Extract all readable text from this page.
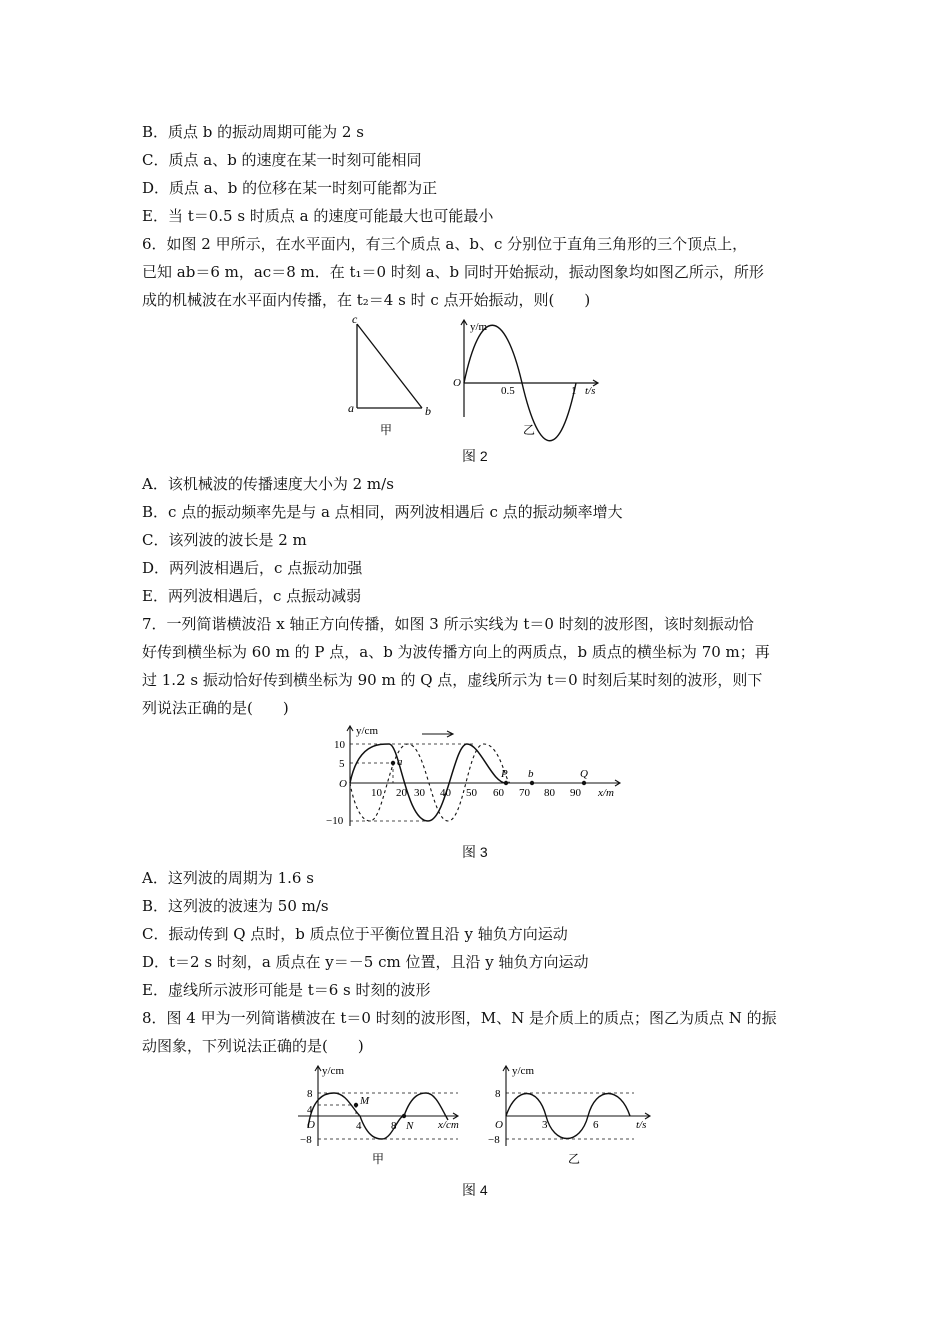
B．质点 b 的振动周期可能为 2 s
C．质点 a、b 的速度在某一时刻可能相同
D．质点 a、b 的位移在某一时刻可能都为正
E．当 t＝0.5 s 时质点 a 的速度可能最大也可能最小
6．如图 2 甲所示，在水平面内，有三个质点 a、b、c 分别位于直角三角形的三个顶点上，
已知 ab＝6 m，ac＝8 m．在 t₁＝0 时刻 a、b 同时开始振动，振动图象均如图乙所示，所形
成的机械波在水平面内传播，在 t₂＝4 s 时 c 点开始振动，则(　　)
c
a	b
甲
y/m
O
0.5	1 t/s
乙
图 2
A．该机械波的传播速度大小为 2 m/s
B．c 点的振动频率先是与 a 点相同，两列波相遇后 c 点的振动频率增大
C．该列波的波长是 2 m
D．两列波相遇后，c 点振动加强
E．两列波相遇后，c 点振动减弱
7．一列简谐横波沿 x 轴正方向传播，如图 3 所示实线为 t＝0 时刻的波形图，该时刻振动恰
好传到横坐标为 60 m 的 P 点，a、b 为波传播方向上的两质点，b 质点的横坐标为 70 m；再
过 1.2 s 振动恰好传到横坐标为 90 m 的 Q 点，虚线所示为 t＝0 时刻后某时刻的波形，则下
列说法正确的是(　　)
y/cm
10
5
−10
O
a
P b	Q
10 20 30 40 50 60 70 80 90 x/m
图 3
A．这列波的周期为 1.6 s
B．这列波的波速为 50 m/s
C．振动传到 Q 点时，b 质点位于平衡位置且沿 y 轴负方向运动
D．t＝2 s 时刻，a 质点在 y＝－5 cm 位置，且沿 y 轴负方向运动
E．虚线所示波形可能是 t＝6 s 时刻的波形
8．图 4 甲为一列简谐横波在 t＝0 时刻的波形图，M、N 是介质上的质点；图乙为质点 N 的振
动图象，下列说法正确的是(　　)
y/cm
8
4
−8
O	4	8
M
N x/cm
甲
y/cm
8
−8
O	3	6	t/s
乙
图 4
